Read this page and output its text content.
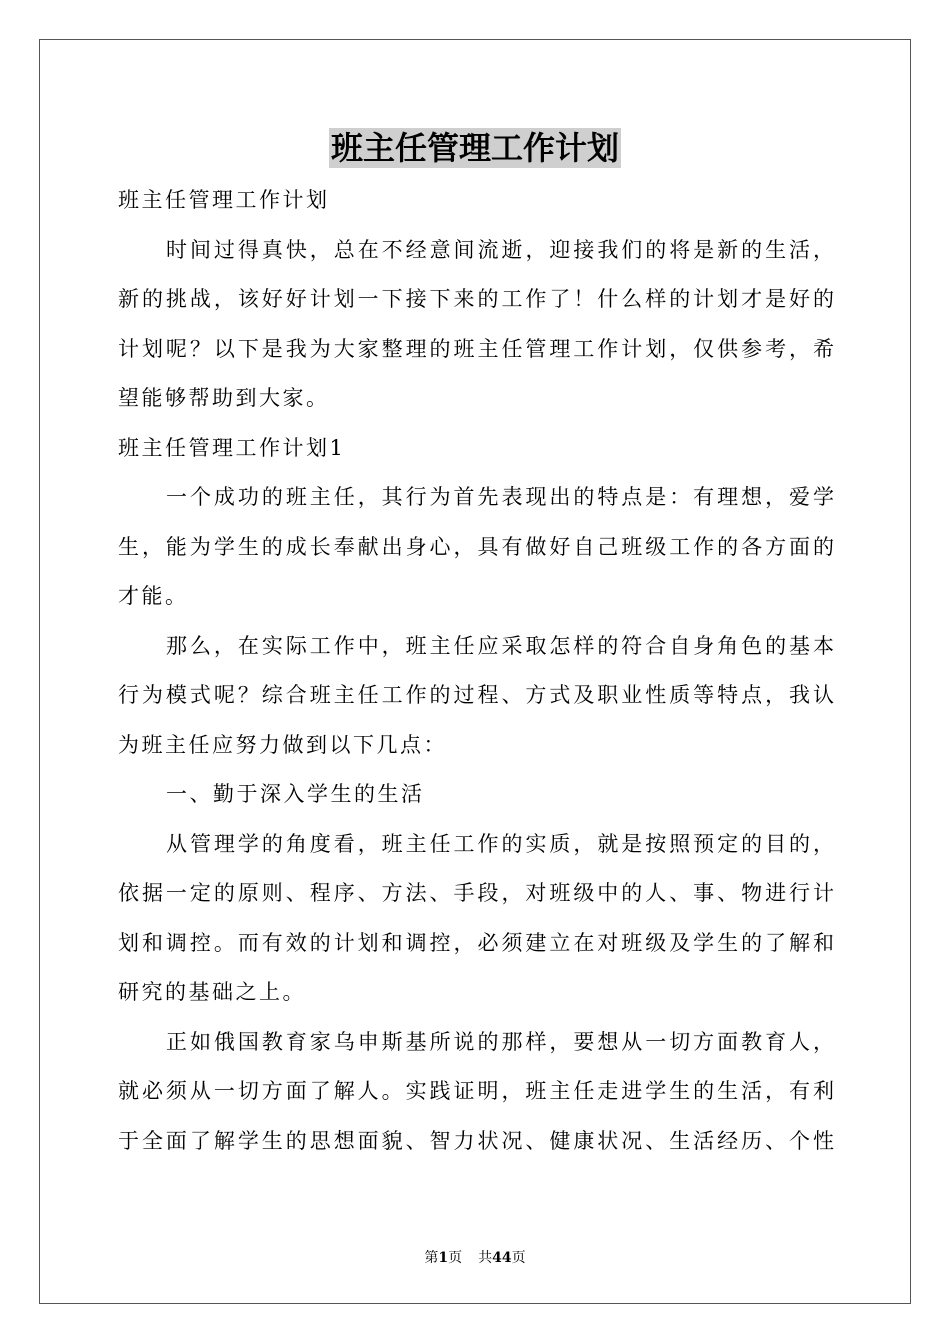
班主任管理工作计划
班主任管理工作计划
时间过得真快，总在不经意间流逝，迎接我们的将是新的生活，
新的挑战，该好好计划一下接下来的工作了！什么样的计划才是好的
计划呢？以下是我为大家整理的班主任管理工作计划，仅供参考，希
望能够帮助到大家。
班主任管理工作计划1
一个成功的班主任，其行为首先表现出的特点是：有理想，爱学
生，能为学生的成长奉献出身心，具有做好自己班级工作的各方面的
才能。
那么，在实际工作中，班主任应采取怎样的符合自身角色的基本
行为模式呢？综合班主任工作的过程、方式及职业性质等特点，我认
为班主任应努力做到以下几点：
一、勤于深入学生的生活
从管理学的角度看，班主任工作的实质，就是按照预定的目的，
依据一定的原则、程序、方法、手段，对班级中的人、事、物进行计
划和调控。而有效的计划和调控，必须建立在对班级及学生的了解和
研究的基础之上。
正如俄国教育家乌申斯基所说的那样，要想从一切方面教育人，
就必须从一切方面了解人。实践证明，班主任走进学生的生活，有利
于全面了解学生的思想面貌、智力状况、健康状况、生活经历、个性
第1页 共44页
